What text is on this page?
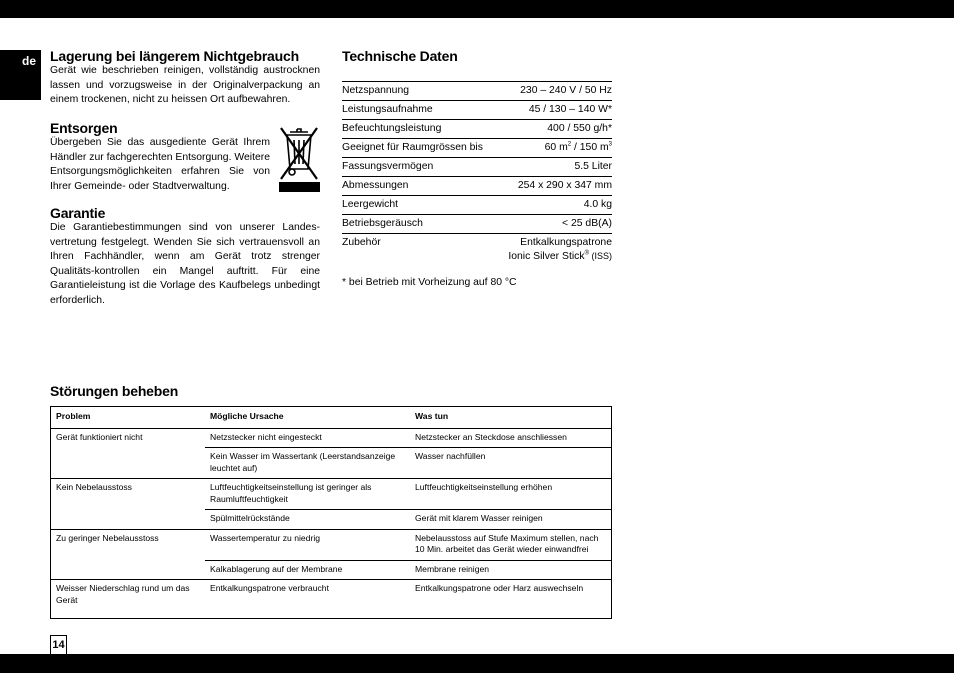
de Lagerung bei längerem Nichtgebrauch

Gerät wie beschrieben reinigen, vollständig austrocknen lassen und vorzugsweise in der Originalverpackung an einem trockenen, nicht zu heissen Ort aufbewahren.

Entsorgen

Übergeben Sie das ausgediente Gerät Ihrem Händler zur fachgerechten Entsorgung. Weitere Entsorgungsmöglichkeiten erfahren Sie von Ihrer Gemeinde- oder Stadtverwaltung.

Garantie

Die Garantiebestimmungen sind von unserer Landes-vertretung festgelegt. Wenden Sie sich vertrauensvoll an Ihren Fachhändler, wenn am Gerät trotz strenger Qualitäts-kontrollen ein Mangel auftritt. Für eine Garantieleistung ist die Vorlage des Kaufbelegs unbedingt erforderlich.

Technische Daten
Netzspannung	230 – 240 V / 50 Hz
Leistungsaufnahme	45 / 130 – 140 W*
Befeuchtungsleistung	400 / 550 g/h*
Geeignet für Raumgrössen bis	60 $m^2 / 150$ $m^3$
Fassungsvermögen	5.5 Liter
Abmessungen	254 x 290 x 347 mm
Leergewicht	4.0 kg
Betriebsgeräusch	< 25 dB(A)
Zubehör	Entkalkungspatrone
Ionic Silver Stick® (ISS)
* bei Betrieb mit Vorheizung auf 80 °C
Störungen beheben
Problem	Mögliche Ursache	Was tun
Gerät funktioniert nicht	Netzstecker nicht eingesteckt	Netzstecker an Steckdose anschliessen
	Kein Wasser im Wassertank (Leerstandsanzeige leuchtet auf)	Wasser nachfüllen
Kein Nebelausstoss	Luftfeuchtigkeitseinstellung ist geringer als Raumluftfeuchtigkeit	Luftfeuchtigkeitseinstellung erhöhen
	Spülmittelrückstände	Gerät mit klarem Wasser reinigen
Zu geringer Nebelausstoss	Wassertemperatur zu niedrig	Nebelausstoss auf Stufe Maximum stellen, nach 10 Min. arbeitet das Gerät wieder einwandfrei
	Kalkablagerung auf der Membrane	Membrane reinigen
Weisser Niederschlag rund um das Gerät	Entkalkungspatrone verbraucht	Entkalkungspatrone oder Harz auswechseln
14
